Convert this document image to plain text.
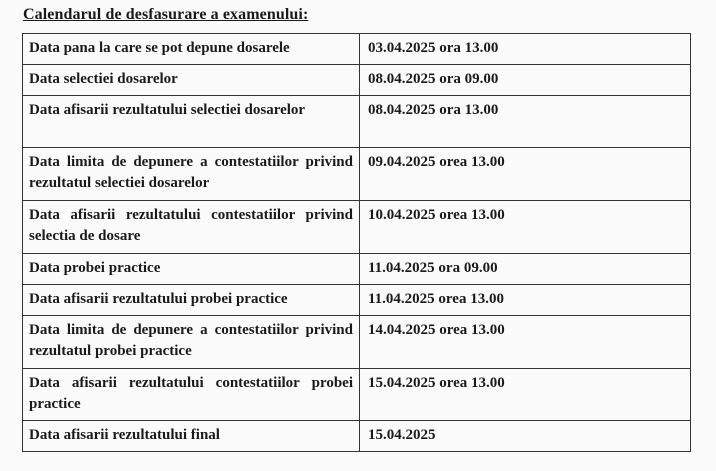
Calendarul de desfasurare a examenului:
Data pana la care se pot depune dosarele	03.04.2025 ora 13.00
Data selectiei dosarelor	08.04.2025 ora 09.00
Data afisarii rezultatului selectiei dosarelor	08.04.2025 ora 13.00
Data limita de depunere a contestatiilor privind rezultatul selectiei dosarelor	09.04.2025 orea 13.00
Data afisarii rezultatului contestatiilor privind selectia de dosare	10.04.2025 orea 13.00
Data probei practice	11.04.2025 ora 09.00
Data afisarii rezultatului probei practice	11.04.2025 orea 13.00
Data limita de depunere a contestatiilor privind rezultatul probei practice	14.04.2025 orea 13.00
Data afisarii rezultatului contestatiilor probei practice	15.04.2025 orea 13.00
Data afisarii rezultatului final	15.04.2025
